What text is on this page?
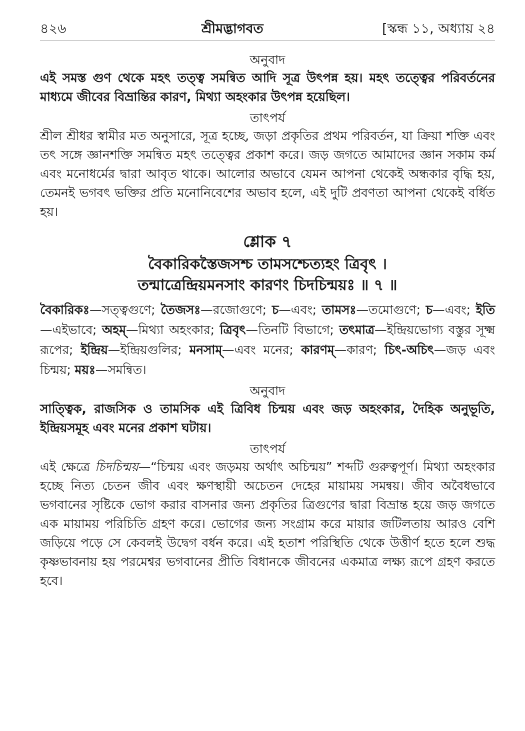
৪২৬	শ্রীমদ্ভাগবত	[স্কন্ধ ১১, অধ্যায় ২৪
অনুবাদ

এই সমস্ত গুণ থেকে মহৎ তত্ত্ব সমন্বিত আদি সূত্র উৎপন্ন হয়। মহৎ তত্ত্বের পরিবর্তনের মাধ্যমে জীবের বিভ্রান্তির কারণ, মিথ্যা অহংকার উৎপন্ন হয়েছিল।

তাৎপর্য

শ্রীল শ্রীধর স্বামীর মত অনুসারে, সূত্র হচ্ছে, জড়া প্রকৃতির প্রথম পরিবর্তন, যা ক্রিয়া শক্তি এবং তৎ সঙ্গে জ্ঞানশক্তি সমন্বিত মহৎ তত্ত্বের প্রকাশ করে। জড় জগতে আমাদের জ্ঞান সকাম কর্ম এবং মনোধর্মের দ্বারা আবৃত থাকে। আলোর অভাবে যেমন আপনা থেকেই অন্ধকার বৃদ্ধি হয়, তেমনই ভগবৎ ভক্তির প্রতি মনোনিবেশের অভাব হলে, এই দুটি প্রবণতা আপনা থেকেই বর্ধিত হয়।

শ্লোক ৭

বৈকারিকস্তৈজসশ্চ তামসশ্চেত্যহং ত্রিবৃৎ ।

তন্মাত্রেন্দ্রিয়মনসাং কারণং চিদচিন্ময়ঃ ॥ ৭ ॥

বৈকারিকঃ—সত্ত্বগুণে; তৈজসঃ—রজোগুণে; চ—এবং; তামসঃ—তমোগুণে; চ—এবং; ইতি—এইভাবে; অহম্—মিথ্যা অহংকার; ত্রিবৃৎ—তিনটি বিভাগে; তৎমাত্র—ইন্দ্রিয়ভোগ্য বস্তুর সূক্ষ্ম রূপের; ইন্দ্রিয়—ইন্দ্রিয়গুলির; মনসাম্—এবং মনের; কারণম্—কারণ; চিৎ-অচিৎ—জড় এবং চিন্ময়; ময়ঃ—সমন্বিত।

অনুবাদ

সাত্ত্বিক, রাজসিক ও তামসিক এই ত্রিবিধ চিন্ময় এবং জড় অহংকার, দৈহিক অনুভূতি, ইন্দ্রিয়সমূহ এবং মনের প্রকাশ ঘটায়।

তাৎপর্য

এই ক্ষেত্রে চিদচিন্ময়—“চিন্ময় এবং জড়ময় অর্থাৎ অচিন্ময়” শব্দটি গুরুত্বপূর্ণ। মিথ্যা অহংকার হচ্ছে নিত্য চেতন জীব এবং ক্ষণস্থায়ী অচেতন দেহের মায়াময় সমন্বয়। জীব অবৈধভাবে ভগবানের সৃষ্টিকে ভোগ করার বাসনার জন্য প্রকৃতির ত্রিগুণের দ্বারা বিভ্রান্ত হয়ে জড় জগতে এক মায়াময় পরিচিতি গ্রহণ করে। ভোগের জন্য সংগ্রাম করে মায়ার জটিলতায় আরও বেশি জড়িয়ে পড়ে সে কেবলই উদ্বেগ বর্ধন করে। এই হতাশ পরিস্থিতি থেকে উত্তীর্ণ হতে হলে শুদ্ধ কৃষ্ণভাবনায় হয় পরমেশ্বর ভগবানের প্রীতি বিধানকে জীবনের একমাত্র লক্ষ্য রূপে গ্রহণ করতে হবে।
